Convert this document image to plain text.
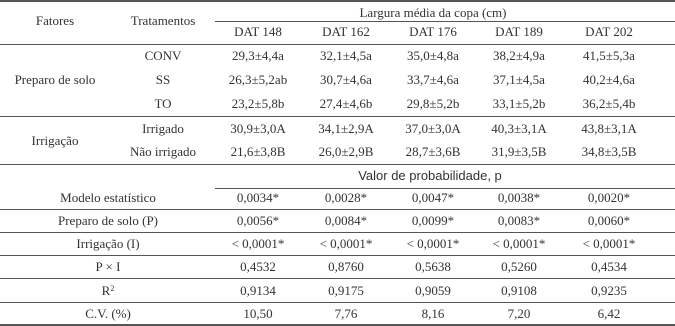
Fatores	Tratamentos
Largura média da copa (cm)
DAT 148	DAT 162	DAT 176	DAT 189	DAT 202
Preparo de solo
CONV	29,3±4,4a	32,1±4,5a	35,0±4,8a	38,2±4,9a	41,5±5,3a
SS	26,3±5,2ab	30,7±4,6a	33,7±4,6a	37,1±4,5a	40,2±4,6a
TO	23,2±5,8b	27,4±4,6b	29,8±5,2b	33,1±5,2b	36,2±5,4b
Irrigação
Irrigado	30,9±3,0A 34,1±2,9A 37,0±3,0A 40,3±3,1A	43,8±3,1A
Não irrigado	21,6±3,8B	26,0±2,9B 28,7±3,6B 31,9±3,5B	34,8±3,5B
Valor de probabilidade, p
Modelo estatístico	0,0034*	0,0028*	0,0047*	0,0038*	0,0020*
Preparo de solo (P)	0,0056*	0,0084*	0,0099*	0,0083*	0,0060*
Irrigação (I)	< 0,0001*	< 0,0001*	< 0,0001*	< 0,0001*	< 0,0001*
P × I	0,4532	0,8760	0,5638	0,5260	0,4534
$R^2$	0,9134	0,9175	0,9059	0,9108	0,9235
C.V. (%)	10,50	7,76	8,16	7,20	6,42
